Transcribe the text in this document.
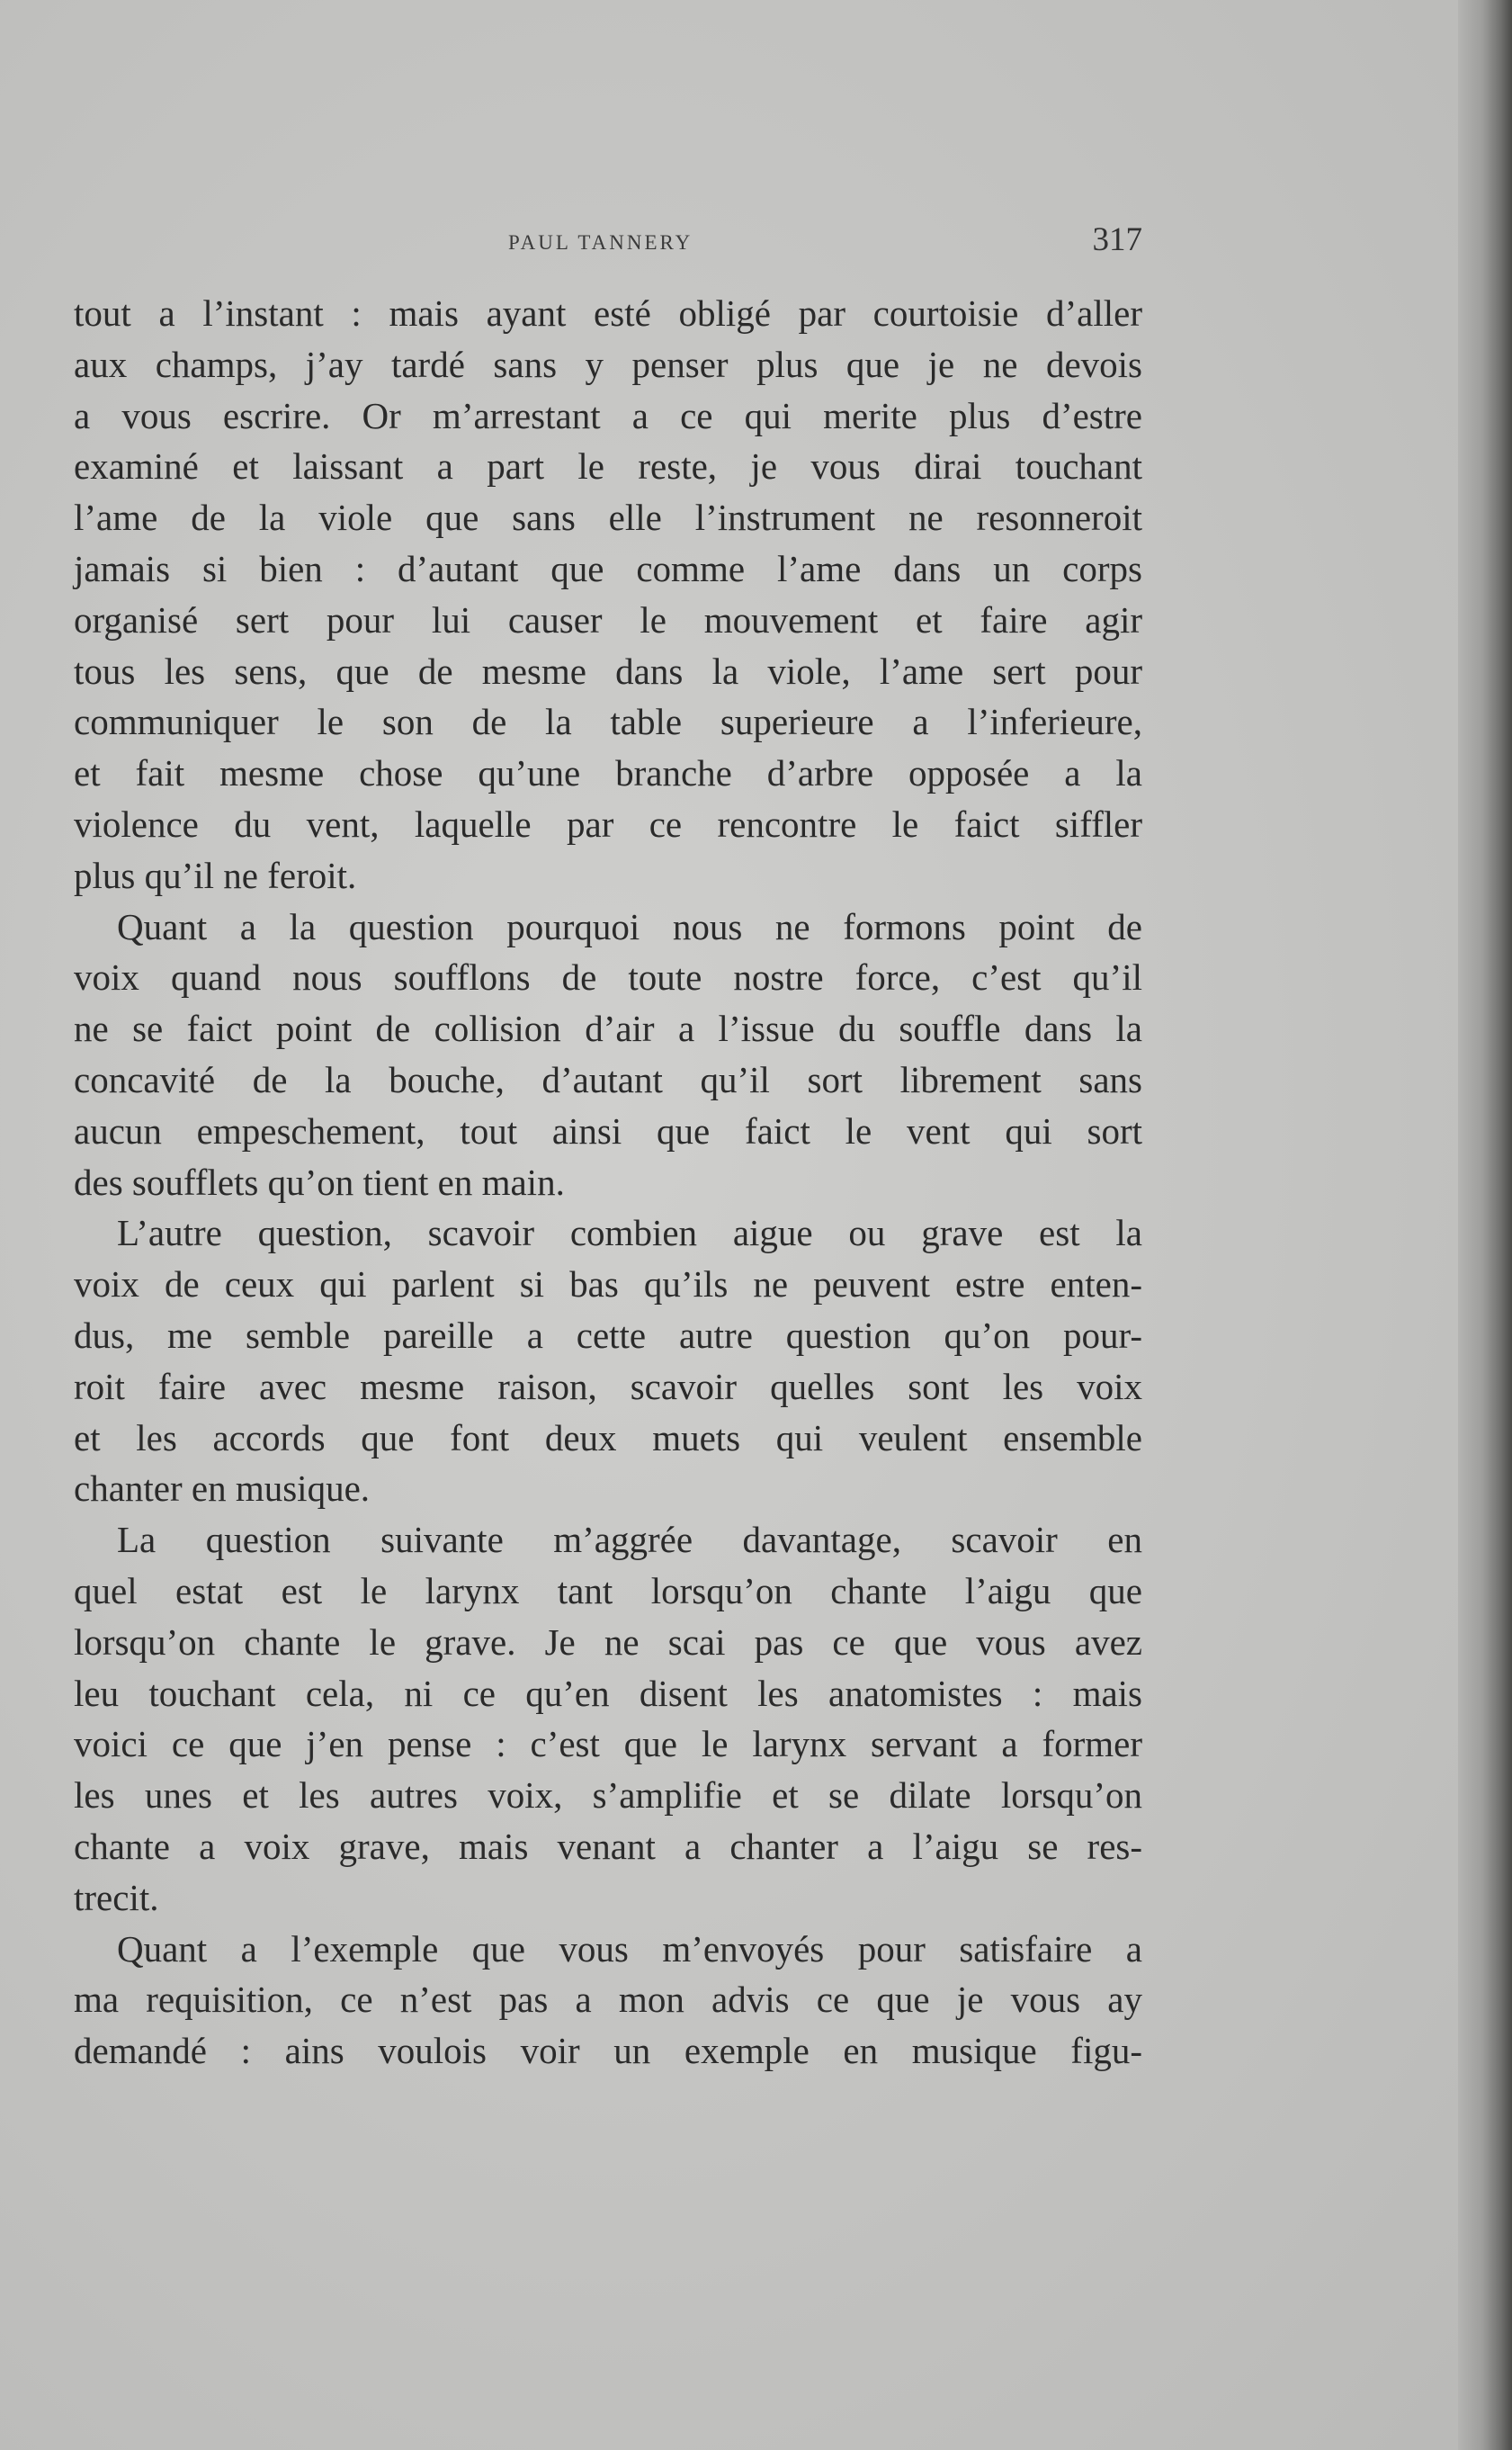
PAUL TANNERY	317
tout a l’instant : mais ayant esté obligé par courtoisie d’aller
aux champs, j’ay tardé sans y penser plus que je ne devois
a vous escrire. Or m’arrestant a ce qui merite plus d’estre
examiné et laissant a part le reste, je vous dirai touchant
l’ame de la viole que sans elle l’instrument ne resonneroit
jamais si bien : d’autant que comme l’ame dans un corps
organisé sert pour lui causer le mouvement et faire agir
tous les sens, que de mesme dans la viole, l’ame sert pour
communiquer le son de la table superieure a l’inferieure,
et fait mesme chose qu’une branche d’arbre opposée a la
violence du vent, laquelle par ce rencontre le faict siffler
plus qu’il ne feroit.
Quant a la question pourquoi nous ne formons point de
voix quand nous soufflons de toute nostre force, c’est qu’il
ne se faict point de collision d’air a l’issue du souffle dans la
concavité de la bouche, d’autant qu’il sort librement sans
aucun empeschement, tout ainsi que faict le vent qui sort
des soufflets qu’on tient en main.
L’autre question, scavoir combien aigue ou grave est la
voix de ceux qui parlent si bas qu’ils ne peuvent estre enten-
dus, me semble pareille a cette autre question qu’on pour-
roit faire avec mesme raison, scavoir quelles sont les voix
et les accords que font deux muets qui veulent ensemble
chanter en musique.
La question suivante m’aggrée davantage, scavoir en
quel estat est le larynx tant lorsqu’on chante l’aigu que
lorsqu’on chante le grave. Je ne scai pas ce que vous avez
leu touchant cela, ni ce qu’en disent les anatomistes : mais
voici ce que j’en pense : c’est que le larynx servant a former
les unes et les autres voix, s’amplifie et se dilate lorsqu’on
chante a voix grave, mais venant a chanter a l’aigu se res-
trecit.
Quant a l’exemple que vous m’envoyés pour satisfaire a
ma requisition, ce n’est pas a mon advis ce que je vous ay
demandé : ains voulois voir un exemple en musique figu-
